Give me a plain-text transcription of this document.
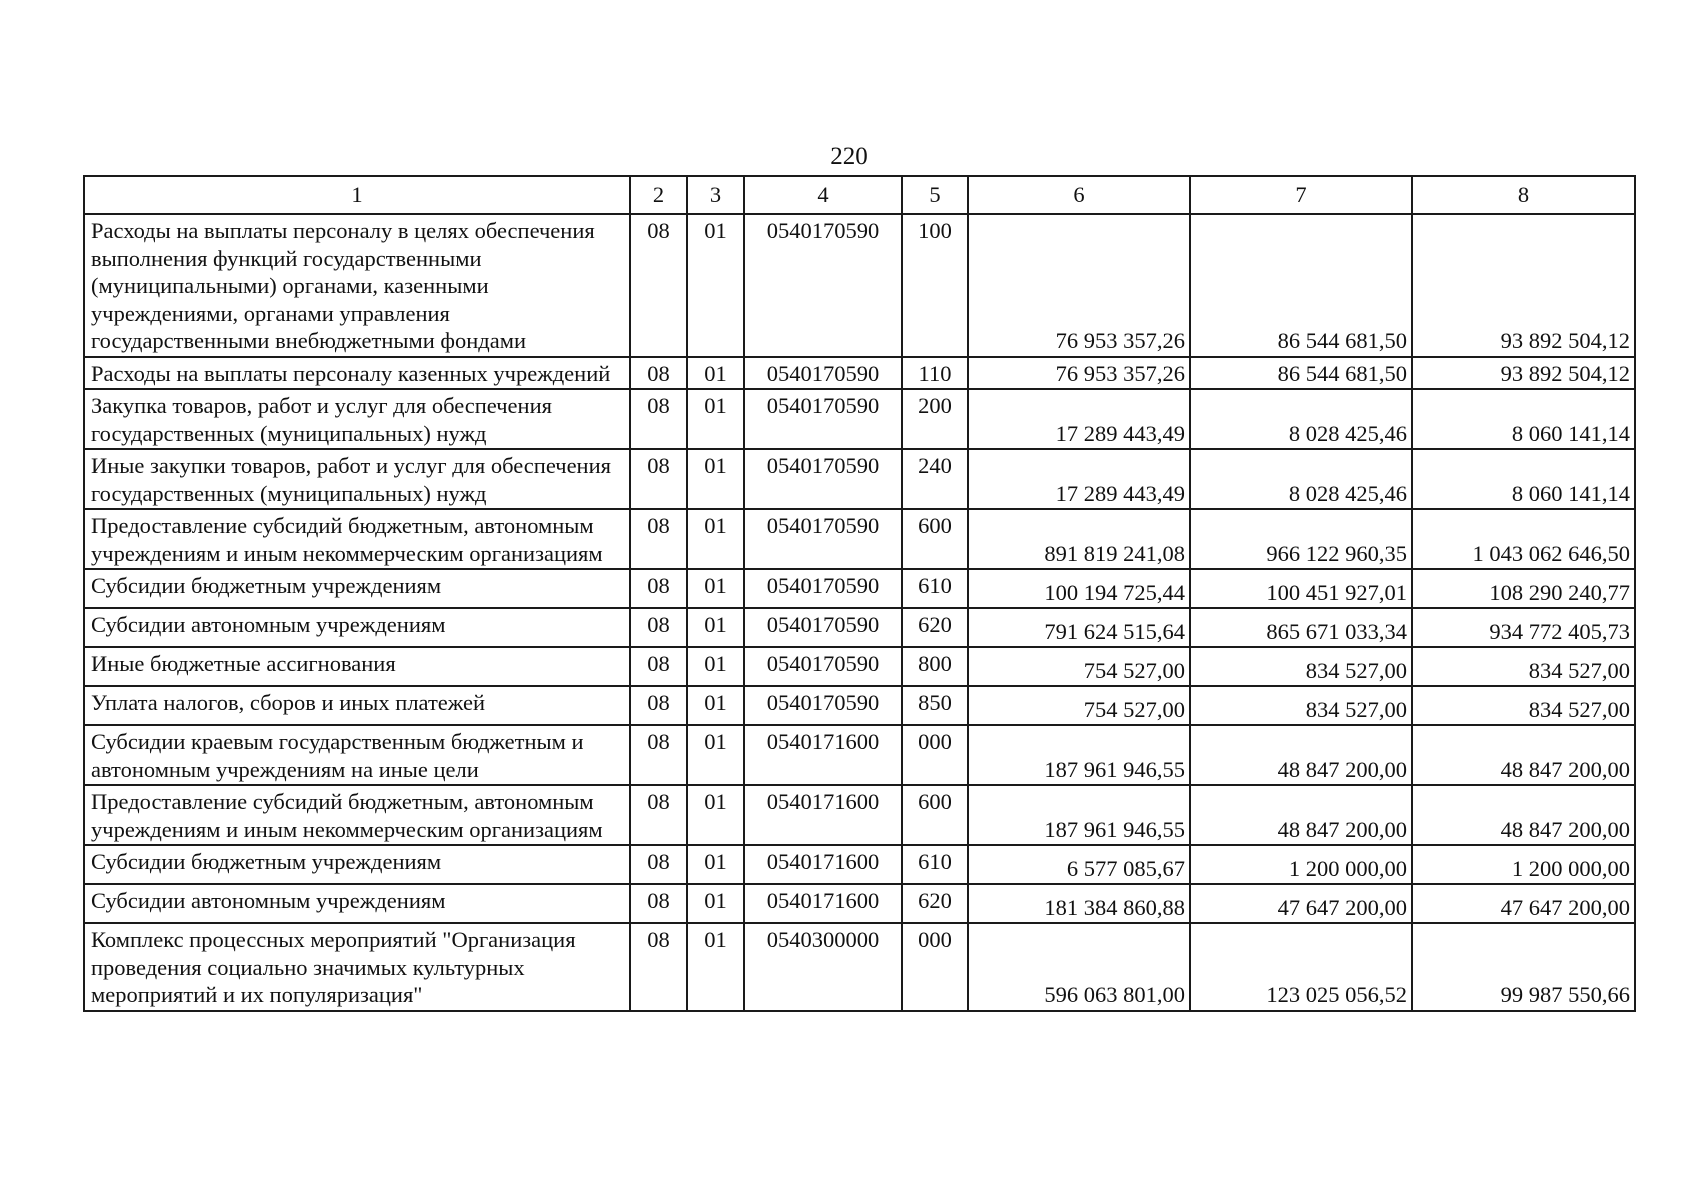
220
1	2	3	4	5	6	7	8
Расходы на выплаты персоналу в целях обеспечения выполнения функций государственными (муниципальными) органами, казенными учреждениями, органами управления государственными внебюджетными фондами	08	01	0540170590	100	76 953 357,26	86 544 681,50	93 892 504,12
Расходы на выплаты персоналу казенных учреждений	08	01	0540170590	110	76 953 357,26	86 544 681,50	93 892 504,12
Закупка товаров, работ и услуг для обеспечения государственных (муниципальных) нужд	08	01	0540170590	200	17 289 443,49	8 028 425,46	8 060 141,14
Иные закупки товаров, работ и услуг для обеспечения государственных (муниципальных) нужд	08	01	0540170590	240	17 289 443,49	8 028 425,46	8 060 141,14
Предоставление субсидий бюджетным, автономным учреждениям и иным некоммерческим организациям	08	01	0540170590	600	891 819 241,08	966 122 960,35	1 043 062 646,50
Субсидии бюджетным учреждениям	08	01	0540170590	610	100 194 725,44	100 451 927,01	108 290 240,77
Субсидии автономным учреждениям	08	01	0540170590	620	791 624 515,64	865 671 033,34	934 772 405,73
Иные бюджетные ассигнования	08	01	0540170590	800	754 527,00	834 527,00	834 527,00
Уплата налогов, сборов и иных платежей	08	01	0540170590	850	754 527,00	834 527,00	834 527,00
Субсидии краевым государственным бюджетным и автономным учреждениям на иные цели	08	01	0540171600	000	187 961 946,55	48 847 200,00	48 847 200,00
Предоставление субсидий бюджетным, автономным учреждениям и иным некоммерческим организациям	08	01	0540171600	600	187 961 946,55	48 847 200,00	48 847 200,00
Субсидии бюджетным учреждениям	08	01	0540171600	610	6 577 085,67	1 200 000,00	1 200 000,00
Субсидии автономным учреждениям	08	01	0540171600	620	181 384 860,88	47 647 200,00	47 647 200,00
Комплекс процессных мероприятий "Организация проведения социально значимых культурных мероприятий и их популяризация"	08	01	0540300000	000	596 063 801,00	123 025 056,52	99 987 550,66
